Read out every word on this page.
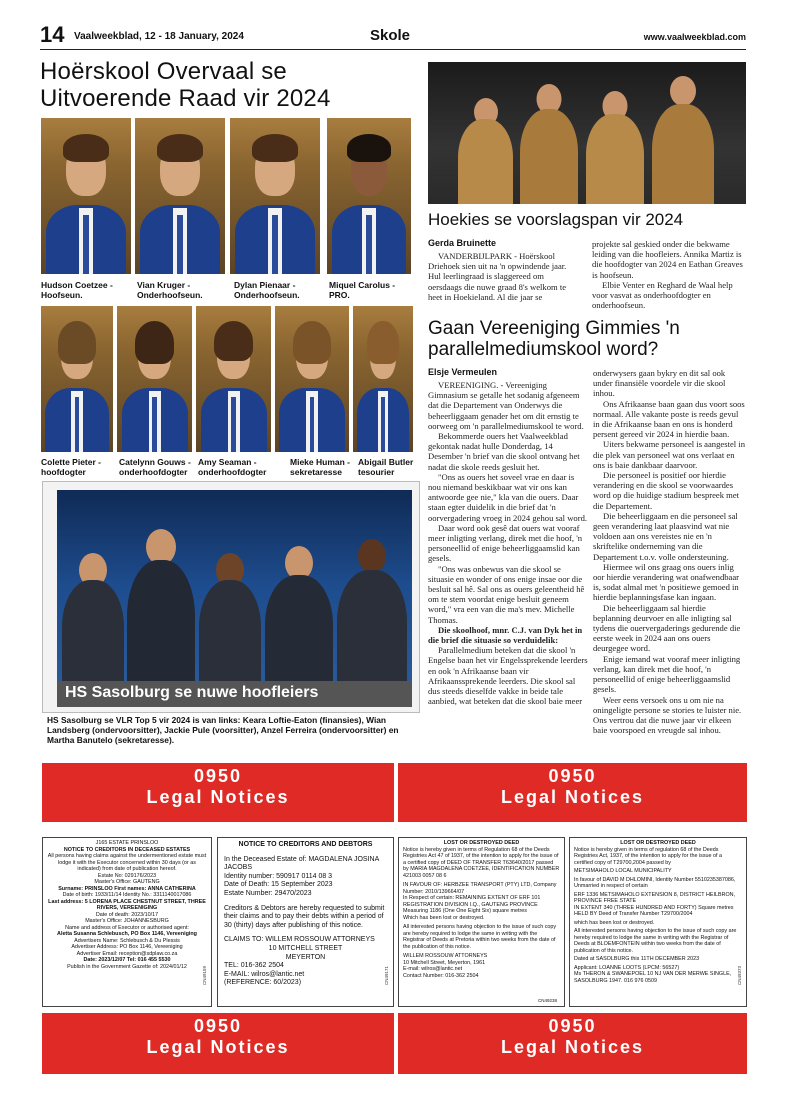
14 Vaalweekblad, 12 - 18 January, 2024	Skole	www.vaalweekblad.com
Hoërskool Overvaal se Uitvoerende Raad vir 2024
Hudson Coetzee -
Hoofseun.
Vian Kruger -
Onderhoofseun.
Dylan Pienaar -
Onderhoofseun.
Miquel Carolus -
PRO.
Colette Pieter -
hoofdogter
Catelynn Gouws -
onderhoofdogter
Amy Seaman -
onderhoofdogter
Mieke Human -
sekretaresse
Abigail Butler
tesourier
HS Sasolburg se nuwe hoofleiers
HS Sasolburg se VLR Top 5 vir 2024 is van links: Keara Loftie-Eaton (finansies), Wian Landsberg (ondervoorsitter), Jackie Pule (voorsitter), Anzel Ferreira (ondervoorsitter) en Martha Banutelo (sekretaresse).
Hoekies se voorslagspan vir 2024
Gerda Bruinette

VANDERBIJLPARK - Hoërskool Driehoek sien uit na 'n opwindende jaar. Hul leerlingraad is slaggereed om oersdaags die nuwe graad 8's welkom te heet in Hoekieland. Al die jaar se

projekte sal geskied onder die bekwame leiding van die hoofleiers. Annika Martiz is die hoofdogter van 2024 en Eathan Greaves is hoofseun.

Elbie Venter en Reghard de Waal help voor vasvat as onderhoofdogter en onderhoofseun.

Gaan Vereeniging Gimmies 'n parallelmediumskool word?
Elsje Vermeulen

VEREENIGING. - Vereeniging Gimnasium se getalle het sodanig afgeneem dat die Departement van Onderwys die beheerliggaam genader het om dit ernstig te oorweeg om 'n parallelmediumskool te word.

Bekommerde ouers het Vaalweekblad gekontak nadat hulle Donderdag, 14 Desember 'n brief van die skool ontvang het nadat die skole reeds gesluit het.

"Ons as ouers het soveel vrae en daar is nou niemand beskikbaar wat vir ons kan antwoorde gee nie," kla van die ouers. Daar staan egter duidelik in die brief dat 'n oorvergadering vroeg in 2024 gehou sal word.

Daar word ook gesê dat ouers wat vooraf meer inligting verlang, direk met die hoof, 'n personeellid of enige beheerliggaamslid kan gesels.

"Ons was onbewus van die skool se situasie en wonder of ons enige insae oor die besluit sal hê. Sal ons as ouers geleentheid hê om te stem voordat enige besluit geneem word," vra een van die ma's mev. Michelle Thomas.

Die skoolhoof, mnr. C.J. van Dyk het in die brief die situasie so verduidelik:

Parallelmedium beteken dat die skool 'n Engelse baan het vir Engelssprekende leerders en ook 'n Afrikaanse baan vir Afrikaanssprekende leerders. Die skool sal dus steeds dieselfde vakke in beide tale aanbied, wat beteken dat die skool baie meer

onderwysers gaan bykry en dit sal ook under finansiële voordele vir die skool inhou.

Ons Afrikaanse baan gaan dus voort soos normaal. Alle vakante poste is reeds gevul in die Afrikaanse baan en ons is honderd persent gereed vir 2024 in hierdie baan.

Uiters bekwame personeel is aangestel in die plek van personeel wat ons verlaat en ons is baie dankbaar daarvoor.

Die personeel is positief oor hierdie verandering en die skool se voorwaardes word op die huidige stadium bespreek met die Departement.

Die beheerliggaam en die personeel sal geen verandering laat plaasvind wat nie voldoen aan ons vereistes nie en 'n skriftelike onderneming van die Departement t.o.v. volle ondersteuning.

Hiermee wil ons graag ons ouers inlig oor hierdie verandering wat onafwendbaar is, sodat almal met 'n positiewe gemoed in hierdie beplanningsfase kan ingaan.

Die beheerliggaam sal hierdie beplanning deurvoer en alle inligting sal tydens die ouervergaderings gedurende die eerste week in 2024 aan ons ouers deurgegee word.

Enige iemand wat vooraf meer inligting verlang, kan direk met die hoof, 'n personeellid of enige beheerliggaamslid gesels.

Weer eens versoek ons u om nie na oningeligte persone se stories te luister nie. Ons vertrou dat die nuwe jaar vir elkeen baie voorspoed en vreugde sal inhou.

0950
Legal Notices
0950
Legal Notices
J165 ESTATE PRINSLOO
NOTICE TO CREDITORS IN DECEASED ESTATES
All persons having claims against the undermentioned estate must lodge it with the Executor concerned within 30 days (or as indicated) from date of publication hereof.
Estate No: 029176/2023
Master's Office: GAUTENG
Surname: PRINSLOO First names: ANNA CATHERINA
Date of birth: 1933/11/14 Identity No.: 3311140017086
Last address: 5 LORENA PLACE CHESTNUT STREET, THREE RIVERS, VEREENIGING
Date of death: 2023/10/17
Master's Office: JOHANNESBURG
Name and address of Executor or authorised agent:
Aletta Susanna Schlebusch, PO Box 1146, Vereeniging
Advertisers Name: Schlebusch & Du Plessis
Advertiser Address: PO Box 1146, Vereeniging
Advertiser Email: reception@sdplaw.co.za
Date: 2023/12/07 Tel: 016 455 5530
Publish in the Government Gazette of: 2024/01/12	CN49159
NOTICE TO CREDITORS AND DEBTORS
In the Deceased Estate of: MAGDALENA JOSINA JACOBS
Identity number: 590917 0114 08 3
Date of Death: 15 September 2023
Estate Number: 29470/2023
Creditors & Debtors are hereby requested to submit their claims and to pay their debts within a period of 30 (thirty) days after publishing of this notice.
CLAIMS TO: WILLEM ROSSOUW ATTORNEYS
10 MITCHELL STREET
MEYERTON
TEL: 016-362 2504
E-MAIL: wilros@lantic.net
(REFERENCE: 60/2023)	CN49171
LOST OR DESTROYED DEED
Notice is hereby given in terms of Regulation 68 of the Deeds Registries Act 47 of 1937, of the intention to apply for the issue of a certified copy of DEED OF TRANSFER T63640/2017 passed by MARIA MAGDALENA COETZEE, IDENTIFICATION NUMBER 421003 0057 08 6
IN FAVOUR OF: HERBZEE TRANSPORT (PTY) LTD, Company Number: 2010/139664/07
In Respect of certain: REMAINING EXTENT OF ERF 101 REGISTRATION DIVISION I.Q., GAUTENG PROVINCE Measuring 1186 (One One Eight Six) square metres
Which has been lost or destroyed.
All interested persons having objection to the issue of such copy are hereby required to lodge the same in writing with the Registrar of Deeds at Pretoria within two weeks from the date of the publication of this notice.
WILLEM ROSSOUW ATTORNEYS
10 Mitchell Street, Meyerton, 1961
E-mail: wilros@lantic.net
Contact Number: 016-362 2504
CN49238
LOST OR DESTROYED DEED
Notice is hereby given in terms of regulation 68 of the Deeds Registries Act, 1937, of the intention to apply for the issue of a certified copy of T29700,2004 passed by
METSIMAHOLO LOCAL MUNICIPALITY
In favour of DAVID M DHLOMINI, Identity Number 5510235387086, Unmarried in respect of certain
ERF 1336 METSIMAHOLO EXTENSION 8, DISTRICT HEILBRON, PROVINCE FREE STATE
IN EXTENT 340 (THREE HUNDRED AND FORTY) Square metres
HELD BY Deed of Transfer Number T29700/2004
which has been lost or destroyed.
All interested persons having objection to the issue of such copy are hereby required to lodge the same in writing with the Registrar of Deeds at BLOEMFONTEIN within two weeks from the date of publication of this notice.
Dated at SASOLBURG this 11TH DECEMBER 2023
Applicant: LOANNE LOOTS (LPCM: 56527)
Ms THERON & SWANEPOEL 10 NJ VAN DER MERWE SINGLE, SASOLBURG 1947. 016 976 0509	CN49373
0950
Legal Notices
0950
Legal Notices
